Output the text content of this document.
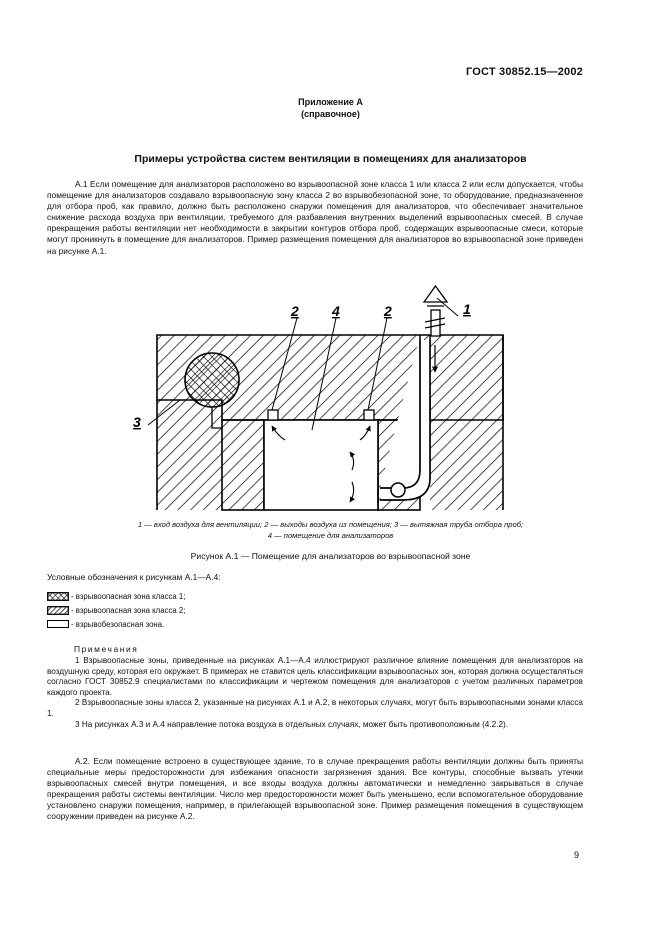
ГОСТ 30852.15—2002
Приложение А
(справочное)
Примеры устройства систем вентиляции в помещениях для анализаторов

А.1 Если помещение для анализаторов расположено во взрывоопасной зоне класса 1 или класса 2 или если допускается, чтобы помещение для анализаторов создавало взрывоопасную зону класса 2 во взрывобезопасной зоне, то оборудование, предназначенное для отбора проб, как правило, должно быть расположено снаружи помещения для анализаторов, что обеспечивает значительное снижение расхода воздуха при вентиляции, требуемого для разбавления внутренних выделений взрывоопасных смесей. В случае прекращения работы вентиляции нет необходимости в закрытии контуров отбора проб, содержащих взрывоопасные смеси, которые могут проникнуть в помещение для анализаторов. Пример размещения помещения для анализаторов во взрывоопасной зоне приведен на рисунке А.1.

1
2 4	2
3
1 — вход воздуха для вентиляции; 2 — выходы воздуха из помещения; 3 — вытяжная труба отбора проб;
4 — помещение для анализаторов
Рисунок А.1 — Помещение для анализаторов во взрывоопасной зоне
Условные обозначения к рисункам А.1—А.4:
- взрывоопасная зона класса 1;
- взрывоопасная зона класса 2;
- взрывобезопасная зона.
Примечания

1 Взрывоопасные зоны, приведенные на рисунках А.1—А.4 иллюстрируют различное влияние помещения для анализаторов на воздушную среду, которая его окружает. В примерах не ставится цель классификации взрывоопасных зон, которая должна осуществляться согласно ГОСТ 30852.9 специалистами по классификации и чертежом помещения для анализаторов с учетом различных параметров каждого проекта.

2 Взрывоопасные зоны класса 2, указанные на рисунках А.1 и А.2, в некоторых случаях, могут быть взрывоопасными зонами класса 1.

3 На рисунках А.3 и А.4 направление потока воздуха в отдельных случаях, может быть противоположным (4.2.2).

А.2. Если помещение встроено в существующее здание, то в случае прекращения работы вентиляции должны быть приняты специальные меры предосторожности для избежания опасности загрязнения здания. Все контуры, способные вызвать утечки взрывоопасных смесей внутри помещения, и все входы воздуха должны автоматически и немедленно закрываться в случае прекращения работы системы вентиляции. Число мер предосторожности может быть уменьшено, если вспомогательное оборудование установлено снаружи помещения, например, в прилегающей взрывоопасной зоне. Пример размещения помещения в существующем сооружении приведен на рисунке А.2.

9
